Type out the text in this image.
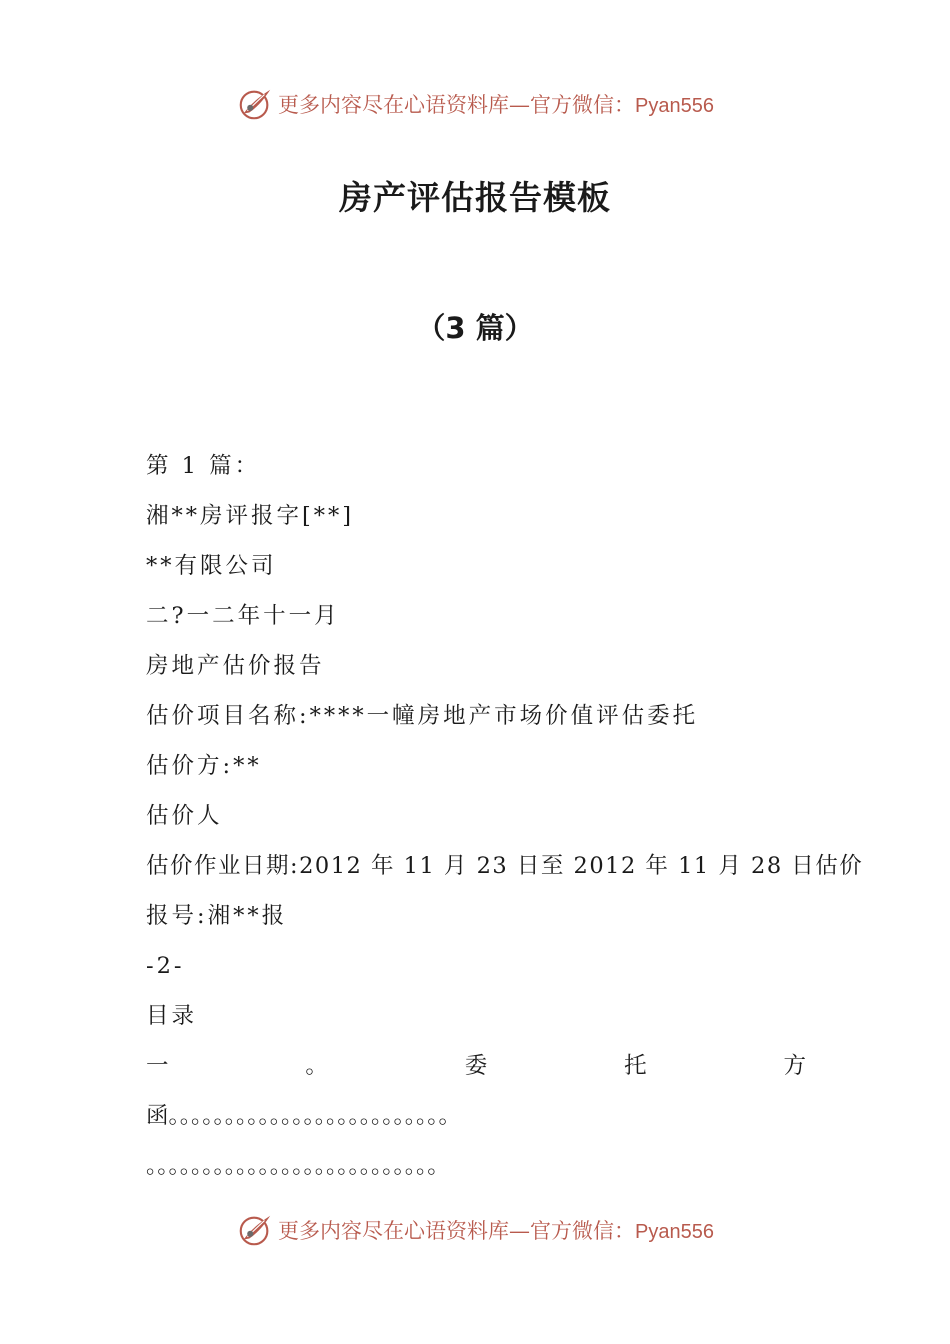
更多内容尽在心语资料库—官方微信：Pyan556
房产评估报告模板
（3 篇）
第 1 篇：
湘**房评报字[**]
**有限公司
二?一二年十一月
房地产估价报告
估价项目名称:****一幢房地产市场价值评估委托
估价方:**
估价人
估价作业日期:2012 年 11 月 23 日至 2012 年 11 月 28 日估价
报号:湘**报
-2-
目录
一	。	委	托	方
函。。。。。。。。。。。。。。。。。。。。。。。。。
。。。。。。。。。。。。。。。。。。。。。。。。。。
更多内容尽在心语资料库—官方微信：Pyan556
